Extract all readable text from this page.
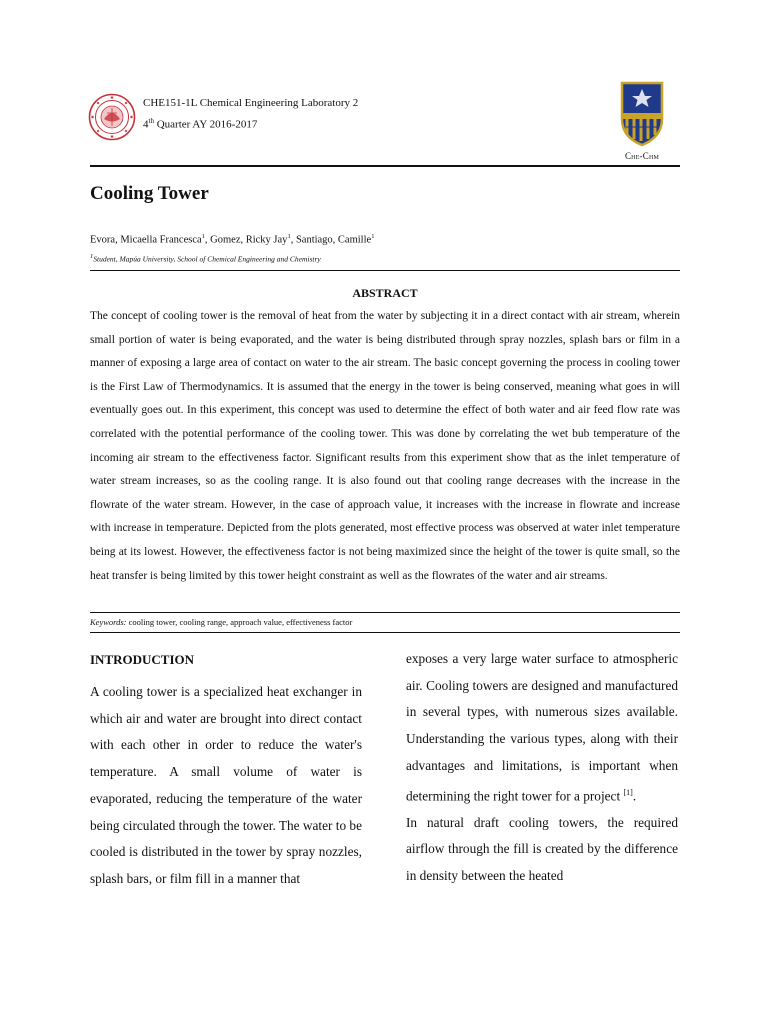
CHE151-1L Chemical Engineering Laboratory 2
4th Quarter AY 2016-2017
Che-Chm
Cooling Tower
Evora, Micaella Francesca$^1$, Gomez, Ricky Jay$^1$, Santiago, Camille$^1$
$^1$Student, Mapúa University, School of Chemical Engineering and Chemistry
ABSTRACT
The concept of cooling tower is the removal of heat from the water by subjecting it in a direct contact with air stream, wherein small portion of water is being evaporated, and the water is being distributed through spray nozzles, splash bars or film in a manner of exposing a large area of contact on water to the air stream. The basic concept governing the process in cooling tower is the First Law of Thermodynamics. It is assumed that the energy in the tower is being conserved, meaning what goes in will eventually goes out. In this experiment, this concept was used to determine the effect of both water and air feed flow rate was correlated with the potential performance of the cooling tower. This was done by correlating the wet bub temperature of the incoming air stream to the effectiveness factor. Significant results from this experiment show that as the inlet temperature of water stream increases, so as the cooling range. It is also found out that cooling range decreases with the increase in the flowrate of the water stream. However, in the case of approach value, it increases with the increase in flowrate and increase with increase in temperature. Depicted from the plots generated, most effective process was observed at water inlet temperature being at its lowest. However, the effectiveness factor is not being maximized since the height of the tower is quite small, so the heat transfer is being limited by this tower height constraint as well as the flowrates of the water and air streams.
Keywords: cooling tower, cooling range, approach value, effectiveness factor
INTRODUCTION

A cooling tower is a specialized heat exchanger in which air and water are brought into direct contact with each other in order to reduce the water's temperature. A small volume of water is evaporated, reducing the temperature of the water being circulated through the tower. The water to be cooled is distributed in the tower by spray nozzles, splash bars, or film fill in a manner that

exposes a very large water surface to atmospheric air. Cooling towers are designed and manufactured in several types, with numerous sizes available. Understanding the various types, along with their advantages and limitations, is important when determining the right tower for a project [1].

In natural draft cooling towers, the required airflow through the fill is created by the difference in density between the heated
